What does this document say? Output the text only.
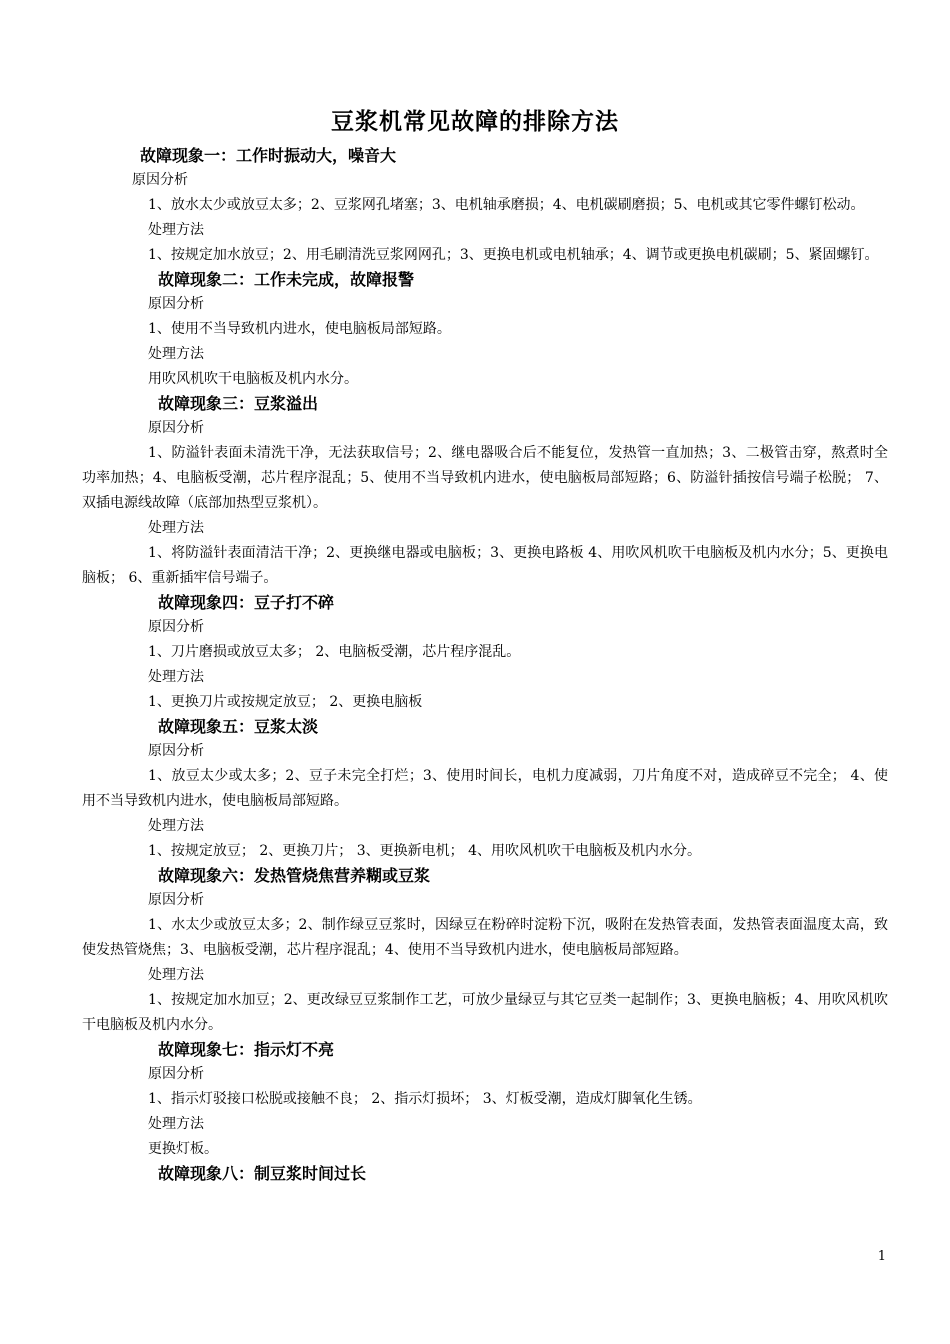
豆浆机常见故障的排除方法
故障现象一：工作时振动大，噪音大
原因分析
1、放水太少或放豆太多；2、豆浆网孔堵塞；3、电机轴承磨损；4、电机碳刷磨损；5、电机或其它零件螺钉松动。
处理方法
1、按规定加水放豆；2、用毛刷清洗豆浆网网孔；3、更换电机或电机轴承；4、调节或更换电机碳刷；5、紧固螺钉。
故障现象二：工作未完成，故障报警
原因分析
1、使用不当导致机内进水，使电脑板局部短路。
处理方法
用吹风机吹干电脑板及机内水分。
故障现象三：豆浆溢出
原因分析
1、防溢针表面未清洗干净，无法获取信号；2、继电器吸合后不能复位，发热管一直加热；3、二极管击穿，熬煮时全功率加热；4、电脑板受潮，芯片程序混乱；5、使用不当导致机内进水，使电脑板局部短路；6、防溢针插按信号端子松脱； 7、双插电源线故障（底部加热型豆浆机）。
处理方法
1、将防溢针表面清洁干净；2、更换继电器或电脑板；3、更换电路板 4、用吹风机吹干电脑板及机内水分；5、更换电脑板； 6、重新插牢信号端子。
故障现象四：豆子打不碎
原因分析
1、刀片磨损或放豆太多； 2、电脑板受潮，芯片程序混乱。
处理方法
1、更换刀片或按规定放豆； 2、更换电脑板
故障现象五：豆浆太淡
原因分析
1、放豆太少或太多；2、豆子未完全打烂；3、使用时间长，电机力度减弱，刀片角度不对，造成碎豆不完全； 4、使用不当导致机内进水，使电脑板局部短路。
处理方法
1、按规定放豆； 2、更换刀片； 3、更换新电机； 4、用吹风机吹干电脑板及机内水分。
故障现象六：发热管烧焦营养糊或豆浆
原因分析
1、水太少或放豆太多；2、制作绿豆豆浆时，因绿豆在粉碎时淀粉下沉，吸附在发热管表面，发热管表面温度太高，致使发热管烧焦；3、电脑板受潮，芯片程序混乱；4、使用不当导致机内进水，使电脑板局部短路。
处理方法
1、按规定加水加豆；2、更改绿豆豆浆制作工艺，可放少量绿豆与其它豆类一起制作；3、更换电脑板；4、用吹风机吹干电脑板及机内水分。
故障现象七：指示灯不亮
原因分析
1、指示灯驳接口松脱或接触不良； 2、指示灯损坏； 3、灯板受潮，造成灯脚氧化生锈。
处理方法
更换灯板。
故障现象八：制豆浆时间过长
1
